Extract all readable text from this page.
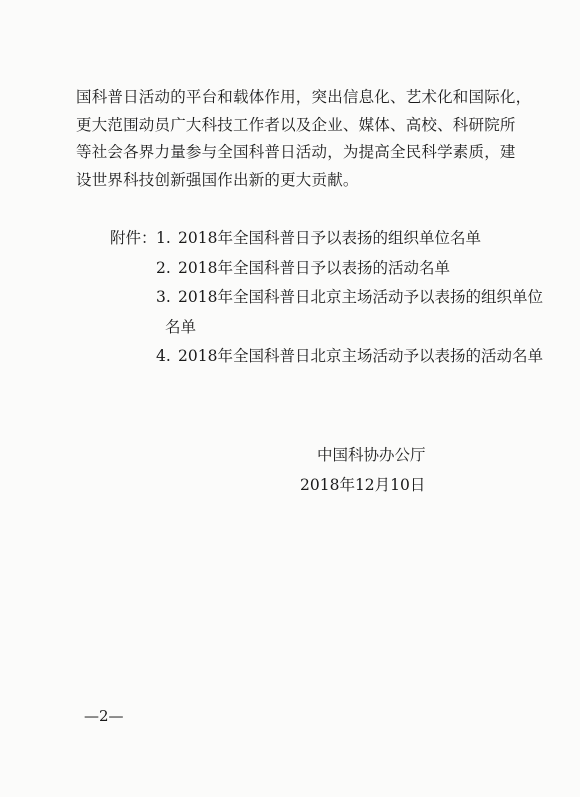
国科普日活动的平台和载体作用，突出信息化、艺术化和国际化，
更大范围动员广大科技工作者以及企业、媒体、高校、科研院所
等社会各界力量参与全国科普日活动，为提高全民科学素质，建
设世界科技创新强国作出新的更大贡献。
附件： 1. 2018年全国科普日予以表扬的组织单位名单
2. 2018年全国科普日予以表扬的活动名单
3. 2018年全国科普日北京主场活动予以表扬的组织单位
名单
4. 2018年全国科普日北京主场活动予以表扬的活动名单
中国科协办公厅
2018年12月10日
—2—
